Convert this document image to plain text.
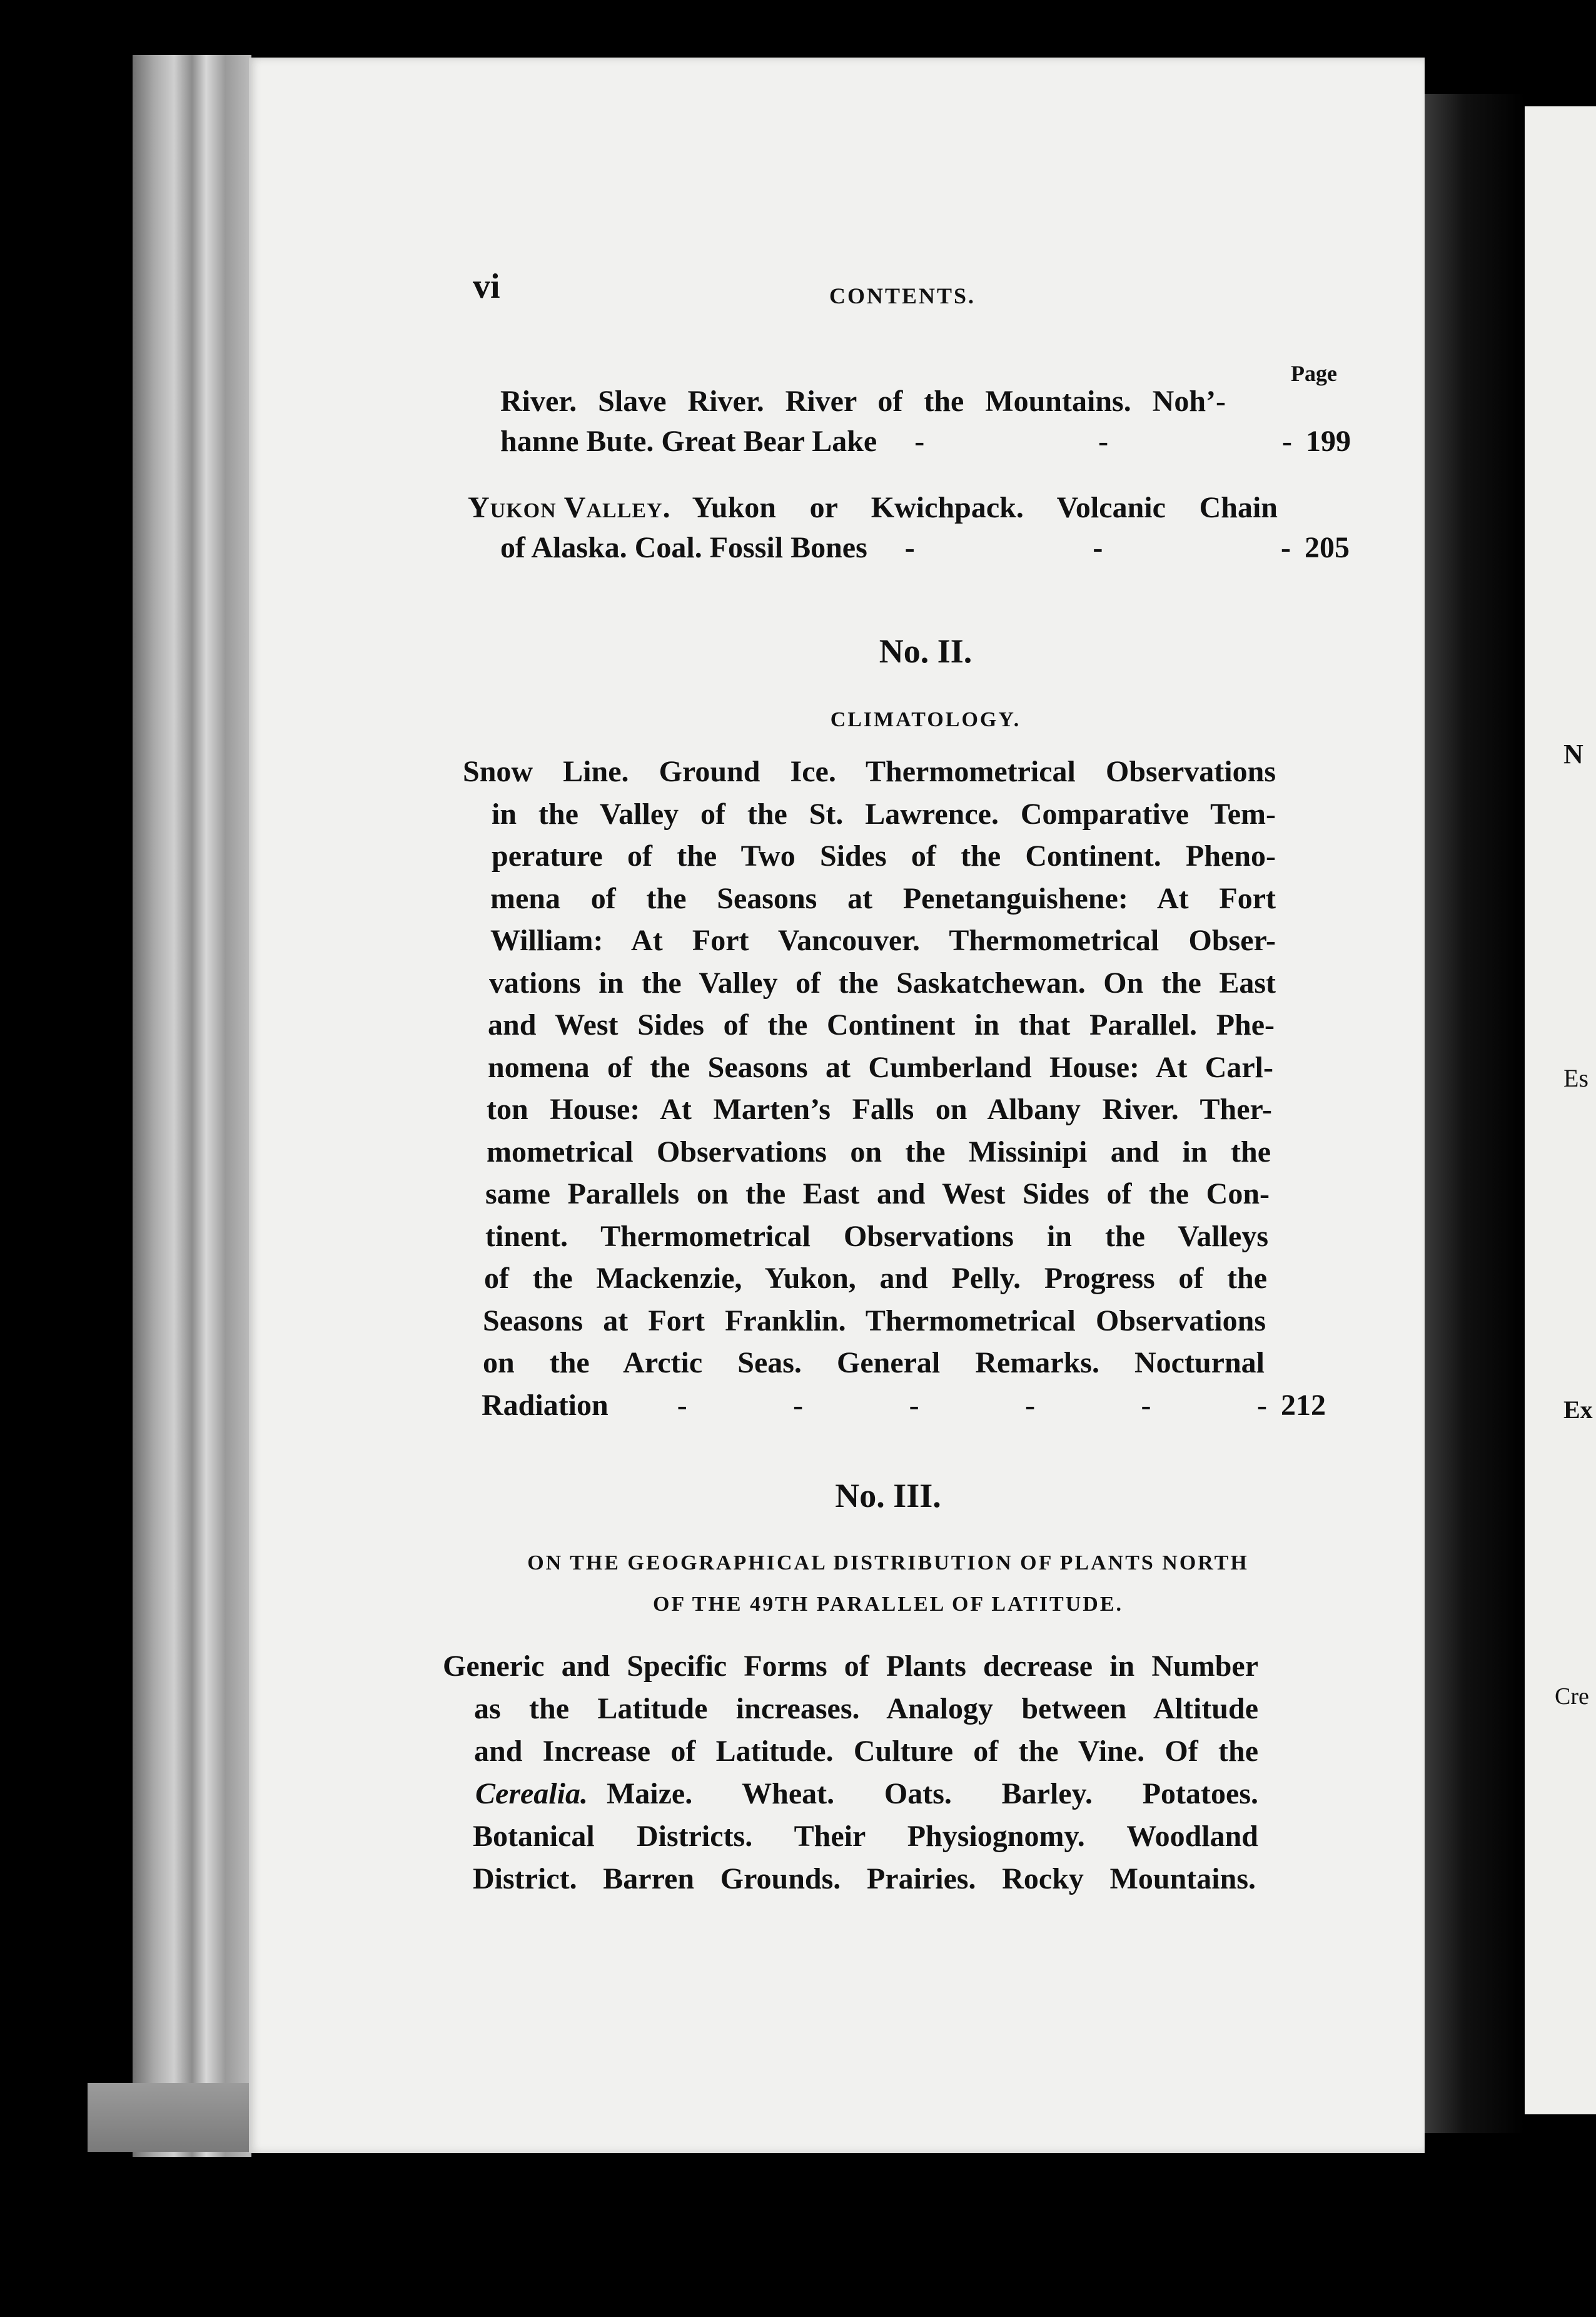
N
Es
Ex
Cre
vi	CONTENTS.
Page
River. Slave River. River of the Mountains. Noh’-
hanne Bute. Great Bear Lake	- - - 199
Yukon Valley. Yukon or Kwichpack. Volcanic Chain
of Alaska. Coal. Fossil Bones	- - - 205
No. II.
CLIMATOLOGY.
Snow Line. Ground Ice. Thermometrical Observations
in the Valley of the St. Lawrence. Comparative Tem-
perature of the Two Sides of the Continent. Pheno-
mena of the Seasons at Penetanguishene: At Fort
William: At Fort Vancouver. Thermometrical Obser-
vations in the Valley of the Saskatchewan. On the East
and West Sides of the Continent in that Parallel. Phe-
nomena of the Seasons at Cumberland House: At Carl-
ton House: At Marten’s Falls on Albany River. Ther-
mometrical Observations on the Missinipi and in the
same Parallels on the East and West Sides of the Con-
tinent. Thermometrical Observations in the Valleys
of the Mackenzie, Yukon, and Pelly. Progress of the
Seasons at Fort Franklin. Thermometrical Observations
on the Arctic Seas. General Remarks. Nocturnal
Radiation	- - - - - - 212
No. III.
ON THE GEOGRAPHICAL DISTRIBUTION OF PLANTS NORTH
OF THE 49TH PARALLEL OF LATITUDE.
Generic and Specific Forms of Plants decrease in Number
as the Latitude increases. Analogy between Altitude
and Increase of Latitude. Culture of the Vine. Of the
Cerealia. Maize. Wheat. Oats. Barley. Potatoes.
Botanical Districts. Their Physiognomy. Woodland
District. Barren Grounds. Prairies. Rocky Mountains.
